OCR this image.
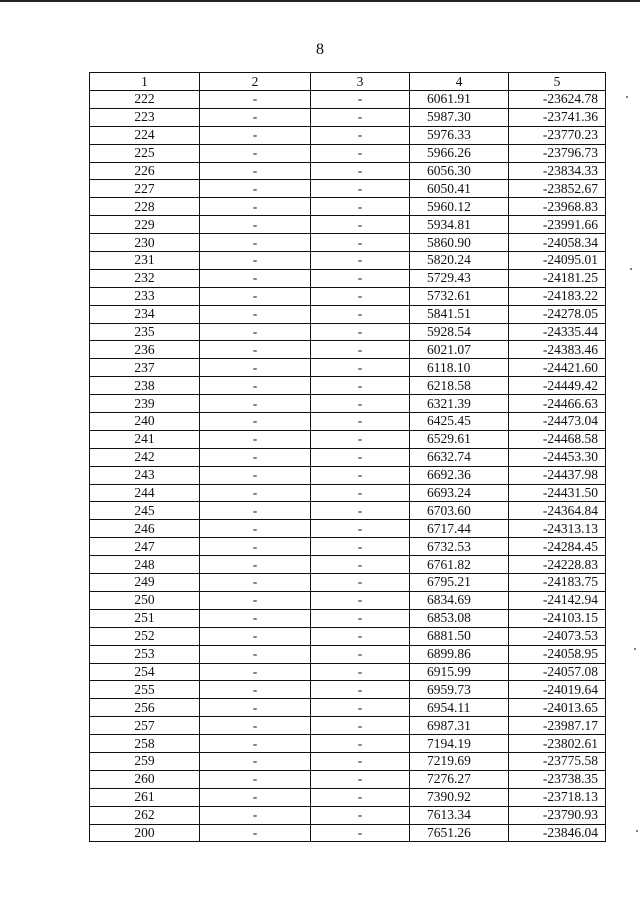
8
1	2	3	4	5
222	-	-	6061.91	-23624.78
223	-	-	5987.30	-23741.36
224	-	-	5976.33	-23770.23
225	-	-	5966.26	-23796.73
226	-	-	6056.30	-23834.33
227	-	-	6050.41	-23852.67
228	-	-	5960.12	-23968.83
229	-	-	5934.81	-23991.66
230	-	-	5860.90	-24058.34
231	-	-	5820.24	-24095.01
232	-	-	5729.43	-24181.25
233	-	-	5732.61	-24183.22
234	-	-	5841.51	-24278.05
235	-	-	5928.54	-24335.44
236	-	-	6021.07	-24383.46
237	-	-	6118.10	-24421.60
238	-	-	6218.58	-24449.42
239	-	-	6321.39	-24466.63
240	-	-	6425.45	-24473.04
241	-	-	6529.61	-24468.58
242	-	-	6632.74	-24453.30
243	-	-	6692.36	-24437.98
244	-	-	6693.24	-24431.50
245	-	-	6703.60	-24364.84
246	-	-	6717.44	-24313.13
247	-	-	6732.53	-24284.45
248	-	-	6761.82	-24228.83
249	-	-	6795.21	-24183.75
250	-	-	6834.69	-24142.94
251	-	-	6853.08	-24103.15
252	-	-	6881.50	-24073.53
253	-	-	6899.86	-24058.95
254	-	-	6915.99	-24057.08
255	-	-	6959.73	-24019.64
256	-	-	6954.11	-24013.65
257	-	-	6987.31	-23987.17
258	-	-	7194.19	-23802.61
259	-	-	7219.69	-23775.58
260	-	-	7276.27	-23738.35
261	-	-	7390.92	-23718.13
262	-	-	7613.34	-23790.93
200	-	-	7651.26	-23846.04
